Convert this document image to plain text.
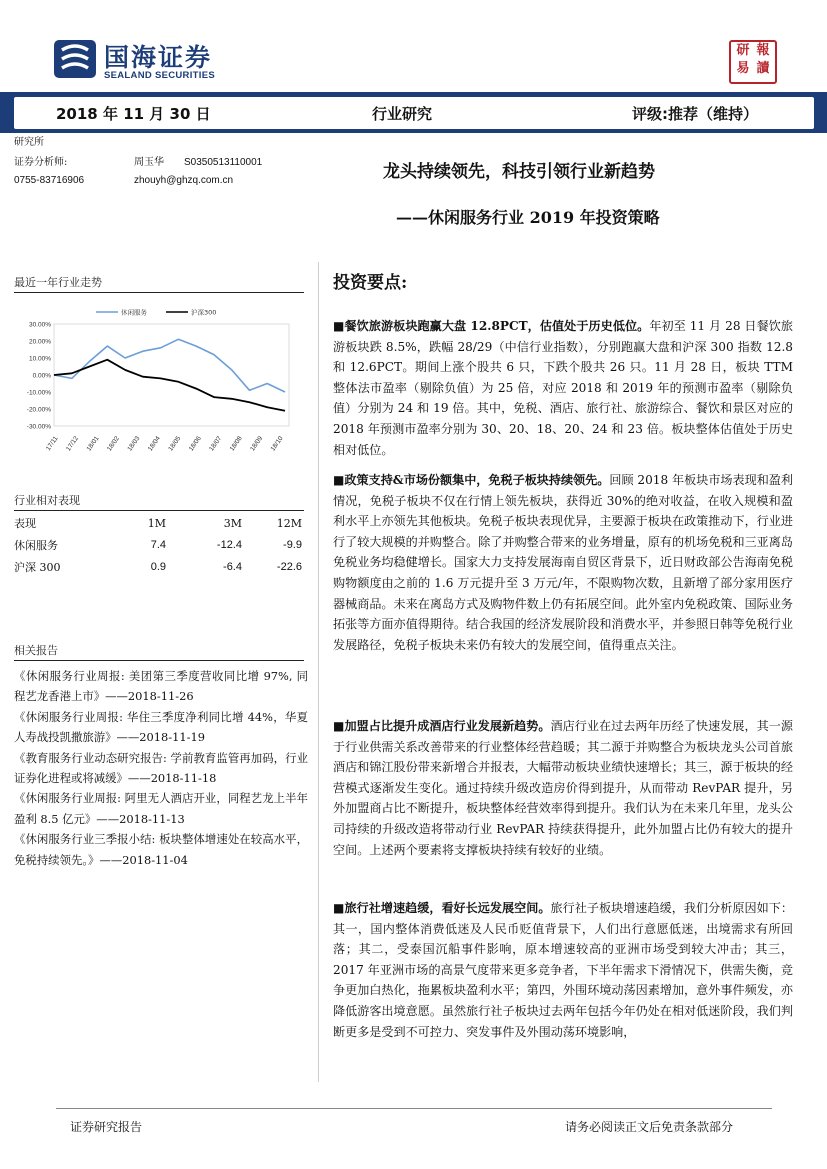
国海证券
SEALAND SECURITIES
研 報
易 讀
2018 年 11 月 30 日	行业研究	评级:推荐（维持）
研究所
证券分析师:	周玉华 S0350513110001
0755-83716906	zhouyh@ghzq.com.cn	龙头持续领先，科技引领行业新趋势
——休闲服务行业 2019 年投资策略
最近一年行业走势
30.00%
20.00%
10.00%
0.00%
-10.00%
-20.00%
-30.00%
17/11 17/12 18/01 18/02 18/03 18/04 18/05 18/06 18/07 18/08 18/09 18/10
休闲服务	沪深300
行业相对表现
表现	1M	3M	12M
休闲服务	7.4	-12.4	-9.9
沪深 300	0.9	-6.4	-22.6
相关报告
《休闲服务行业周报: 美团第三季度营收同比增 97%, 同程艺龙香港上市》——2018-11-26
《休闲服务行业周报: 华住三季度净利同比增 44%，华夏人寿战投凯撒旅游》——2018-11-19
《教育服务行业动态研究报告: 学前教育监管再加码，行业证券化进程或将减缓》——2018-11-18
《休闲服务行业周报: 阿里无人酒店开业，同程艺龙上半年盈利 8.5 亿元》——2018-11-13
《休闲服务行业三季报小结: 板块整体增速处在较高水平，免税持续领先。》——2018-11-04
投资要点:
■餐饮旅游板块跑赢大盘 12.8PCT，估值处于历史低位。年初至 11 月 28 日餐饮旅游板块跌 8.5%，跌幅 28/29（中信行业指数），分别跑赢大盘和沪深 300 指数 12.8 和 12.6PCT。期间上涨个股共 6 只，下跌个股共 26 只。11 月 28 日，板块 TTM 整体法市盈率（剔除负值）为 25 倍，对应 2018 和 2019 年的预测市盈率（剔除负值）分别为 24 和 19 倍。其中，免税、酒店、旅行社、旅游综合、餐饮和景区对应的 2018 年预测市盈率分别为 30、20、18、20、24 和 23 倍。板块整体估值处于历史相对低位。
■政策支持&市场份额集中，免税子板块持续领先。回顾 2018 年板块市场表现和盈利情况，免税子板块不仅在行情上领先板块，获得近 30%的绝对收益，在收入规模和盈利水平上亦领先其他板块。免税子板块表现优异，主要源于板块在政策推动下，行业进行了较大规模的并购整合。除了并购整合带来的业务增量，原有的机场免税和三亚离岛免税业务均稳健增长。国家大力支持发展海南自贸区背景下，近日财政部公告海南免税购物额度由之前的 1.6 万元提升至 3 万元/年，不限购物次数，且新增了部分家用医疗器械商品。未来在离岛方式及购物件数上仍有拓展空间。此外室内免税政策、国际业务拓张等方面亦值得期待。结合我国的经济发展阶段和消费水平，并参照日韩等免税行业发展路径，免税子板块未来仍有较大的发展空间，值得重点关注。
■加盟占比提升成酒店行业发展新趋势。酒店行业在过去两年历经了快速发展，其一源于行业供需关系改善带来的行业整体经营趋暖；其二源于并购整合为板块龙头公司首旅酒店和锦江股份带来新增合并报表，大幅带动板块业绩快速增长；其三，源于板块的经营模式逐渐发生变化。通过持续升级改造房价得到提升，从而带动 RevPAR 提升，另外加盟商占比不断提升，板块整体经营效率得到提升。我们认为在未来几年里，龙头公司持续的升级改造将带动行业 RevPAR 持续获得提升，此外加盟占比仍有较大的提升空间。上述两个要素将支撑板块持续有较好的业绩。
■旅行社增速趋缓，看好长远发展空间。旅行社子板块增速趋缓，我们分析原因如下：其一，国内整体消费低迷及人民币贬值背景下，人们出行意愿低迷，出境需求有所回落；其二，受泰国沉船事件影响，原本增速较高的亚洲市场受到较大冲击；其三，2017 年亚洲市场的高景气度带来更多竞争者，下半年需求下滑情况下，供需失衡，竞争更加白热化，拖累板块盈利水平；第四，外围环境动荡因素增加，意外事件频发，亦降低游客出境意愿。虽然旅行社子板块过去两年包括今年仍处在相对低迷阶段，我们判断更多是受到不可控力、突发事件及外围动荡环境影响，
证券研究报告	请务必阅读正文后免责条款部分
